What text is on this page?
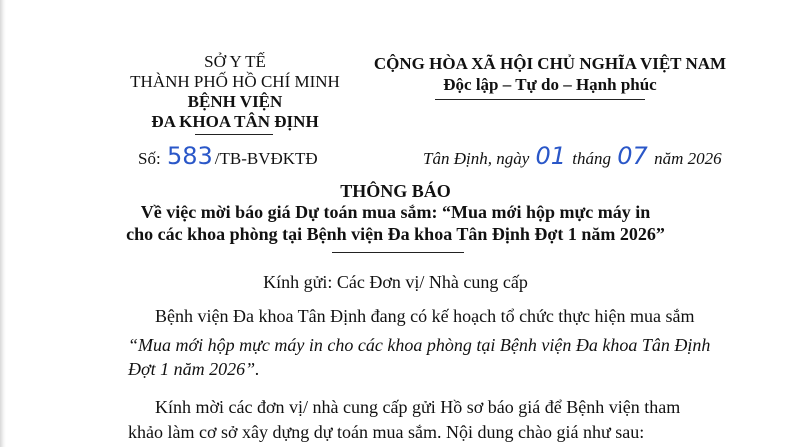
SỞ Y TẾ
THÀNH PHỐ HỒ CHÍ MINH
BỆNH VIỆN
ĐA KHOA TÂN ĐỊNH
CỘNG HÒA XÃ HỘI CHỦ NGHĨA VIỆT NAM
Độc lập – Tự do – Hạnh phúc
Số: 583 /TB-BVĐKTĐ	Tân Định, ngày 01 tháng 07 năm 2026
THÔNG BÁO
Về việc mời báo giá Dự toán mua sắm: “Mua mới hộp mực máy in
cho các khoa phòng tại Bệnh viện Đa khoa Tân Định Đợt 1 năm 2026”
Kính gửi: Các Đơn vị/ Nhà cung cấp
Bệnh viện Đa khoa Tân Định đang có kế hoạch tổ chức thực hiện mua sắm
“Mua mới hộp mực máy in cho các khoa phòng tại Bệnh viện Đa khoa Tân Định
Đợt 1 năm 2026”.
Kính mời các đơn vị/ nhà cung cấp gửi Hồ sơ báo giá để Bệnh viện tham
khảo làm cơ sở xây dựng dự toán mua sắm. Nội dung chào giá như sau:
